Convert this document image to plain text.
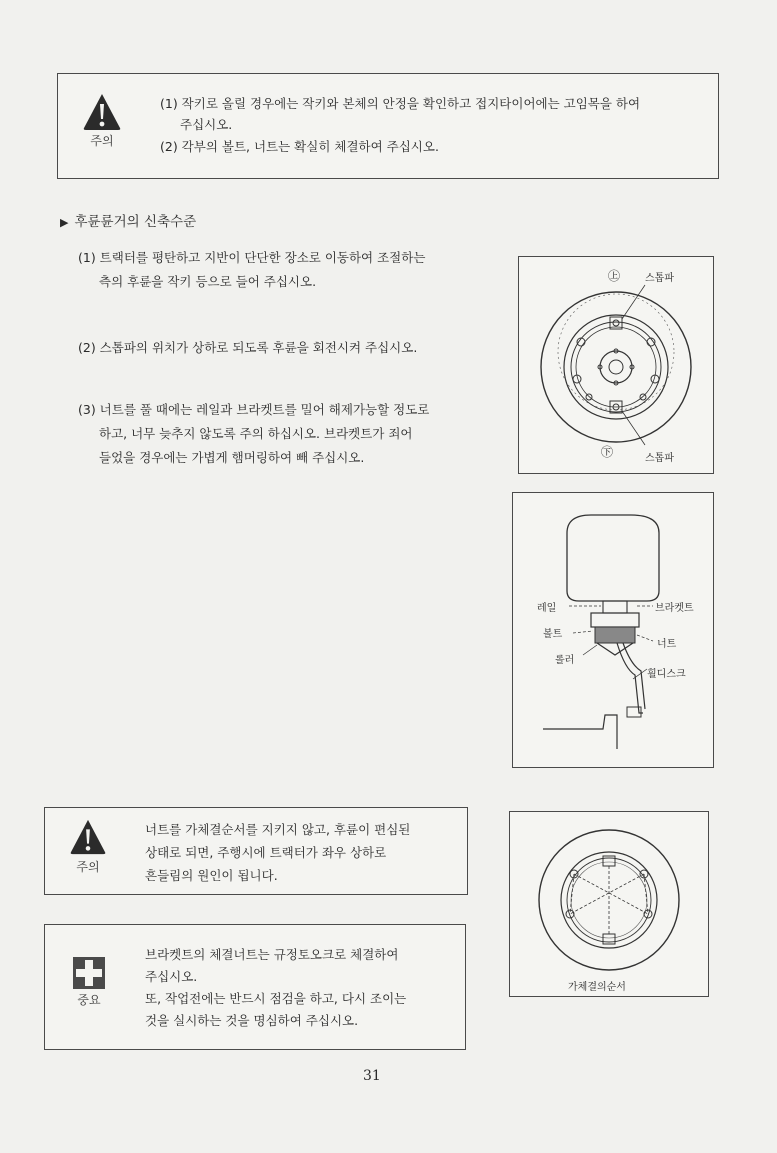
주의
(1) 작키로 올릴 경우에는 작키와 본체의 안정을 확인하고 접지타이어에는 고임목을 하여
주십시오.
(2) 각부의 볼트, 너트는 확실히 체결하여 주십시오.
▶ 후륜륜거의 신축수준
(1) 트랙터를 평탄하고 지반이 단단한 장소로 이동하여 조절하는
측의 후륜을 작키 등으로 들어 주십시오.
(2) 스톱파의 위치가 상하로 되도록 후륜을 회전시켜 주십시오.
(3) 너트를 풀 때에는 레일과 브라켓트를 밀어 해제가능할 정도로
하고, 너무 늦추지 않도록 주의 하십시오. 브라켓트가 죄어
들었을 경우에는 가볍게 햄머링하여 빼 주십시오.
㊤ 스톱파
㊦	스톱파
레일	브라켓트
볼트
너트
롤러
휠디스크
주의
너트를 가체결순서를 지키지 않고, 후륜이 편심된
상태로 되면, 주행시에 트랙터가 좌우 상하로
흔들림의 원인이 됩니다.
가체결의순서
중요
브라켓트의 체결너트는 규정토오크로 체결하여
주십시오.
또, 작업전에는 반드시 점검을 하고, 다시 조이는
것을 실시하는 것을 명심하여 주십시오.
31
